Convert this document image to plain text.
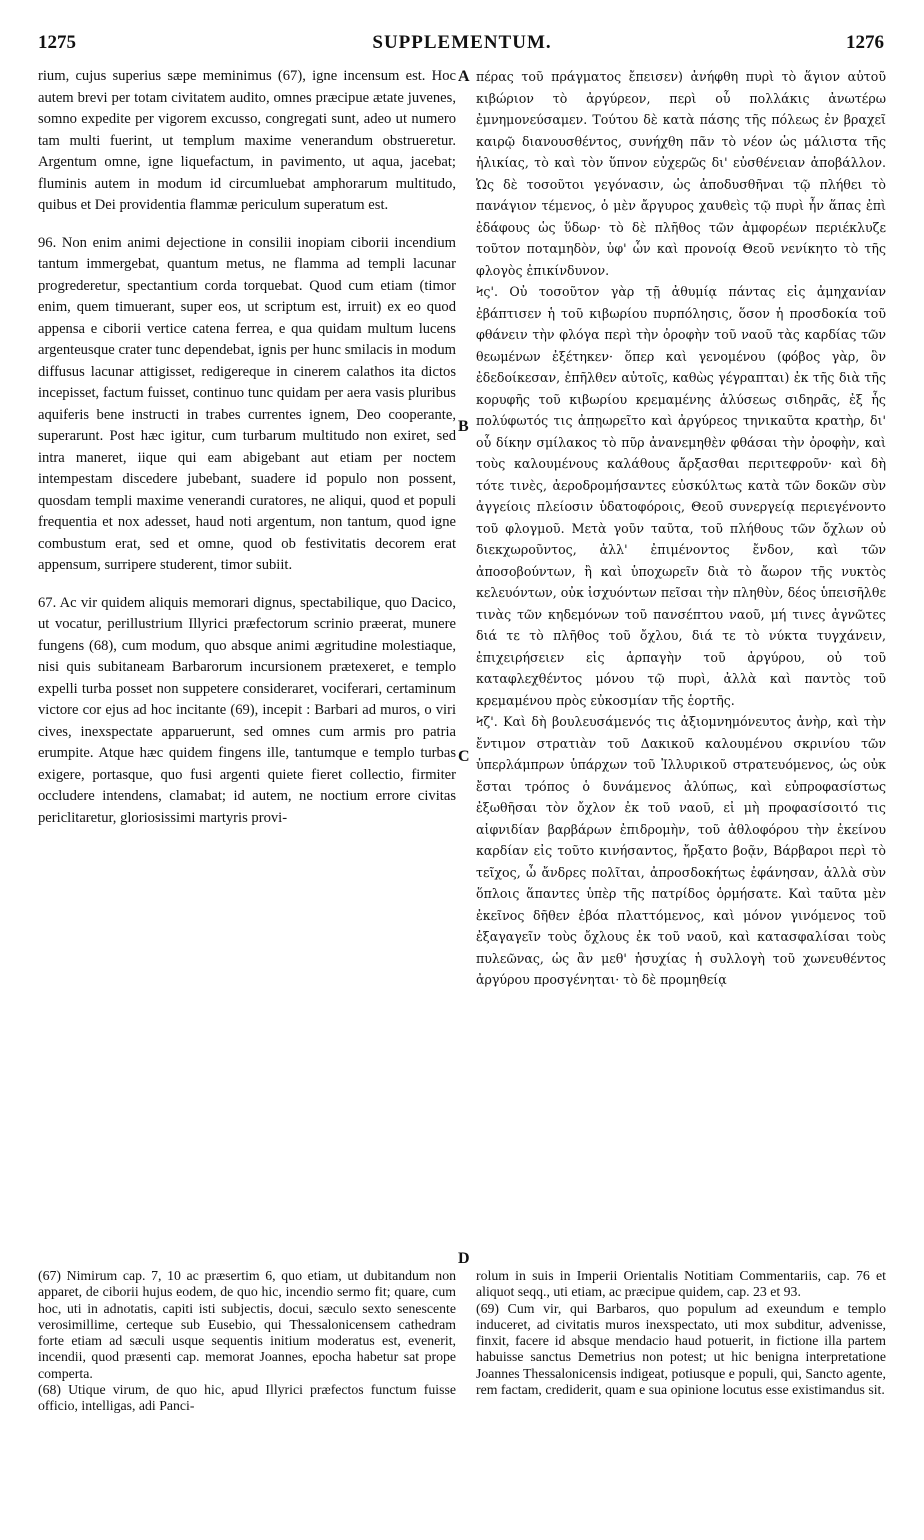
1275	SUPPLEMENTUM.	1276

rium, cujus superius sæpe meminimus (67), igne incensum est. Hoc autem brevi per totam civitatem audito, omnes præcipue ætate juvenes, somno expedite per vigorem excusso, congregati sunt, adeo ut numero tam multi fuerint, ut templum maxime venerandum obstrueretur. Argentum omne, igne liquefactum, in pavimento, ut aqua, jacebat; fluminis autem in modum id circumluebat amphorarum multitudo, quibus et Dei providentia flammæ periculum superatum est.

96. Non enim animi dejectione in consilii inopiam ciborii incendium tantum immergebat, quantum metus, ne flamma ad templi lacunar progrederetur, spectantium corda torquebat. Quod cum etiam (timor enim, quem timuerant, super eos, ut scriptum est, irruit) ex eo quod appensa e ciborii vertice catena ferrea, e qua quidam multum lucens argenteusque crater tunc dependebat, ignis per hunc smilacis in modum diffusus lacunar attigisset, redigereque in cinerem calathos ita dictos incepisset, factum fuisset, continuo tunc quidam per aera vasis pluribus aquiferis bene instructi in trabes currentes ignem, Deo cooperante, superarunt. Post hæc igitur, cum turbarum multitudo non exiret, sed intra maneret, iique qui eam abigebant aut etiam per noctem intempestam discedere jubebant, suadere id populo non possent, quosdam templi maxime venerandi curatores, ne aliqui, quod et populi frequentia et nox adesset, haud noti argentum, non tantum, quod igne combustum erat, sed et omne, quod ob festivitatis decorem erat appensum, surripere studerent, timor subiit.

67. Ac vir quidem aliquis memorari dignus, spectabilique, quo Dacico, ut vocatur, perillustrium Illyrici præfectorum scrinio præerat, munere fungens (68), cum modum, quo absque animi ægritudine molestiaque, nisi quis subitaneam Barbarorum incursionem prætexeret, e templo expelli turba posset non suppetere consideraret, vociferari, certaminum victore cor ejus ad hoc incitante (69), incepit : Barbari ad muros, o viri cives, inexspectate apparuerunt, sed omnes cum armis pro patria erumpite. Atque hæc quidem fingens ille, tantumque e templo turbas exigere, portasque, quo fusi argenti quiete fieret collectio, firmiter occludere intendens, clamabat; id autem, ne noctium errore civitas periclitaretur, gloriosissimi martyris provi-

A
B
C
D

πέρας τοῦ πράγματος ἔπεισεν) ἀνήφθη πυρὶ τὸ ἅγιον αὐτοῦ κιβώριον τὸ ἀργύρεον, περὶ οὗ πολλάκις ἀνωτέρω ἐμνημονεύσαμεν. Τούτου δὲ κατὰ πάσης τῆς πόλεως ἐν βραχεῖ καιρῷ διανουσθέντος, συνήχθη πᾶν τὸ νέον ὡς μάλιστα τῆς ἡλικίας, τὸ καὶ τὸν ὕπνον εὐχερῶς δι' εὐσθένειαν ἀποβάλλον. Ὡς δὲ τοσοῦτοι γεγόνασιν, ὡς ἀποδυσθῆναι τῷ πλήθει τὸ πανάγιον τέμενος, ὁ μὲν ἄργυρος χαυθεὶς τῷ πυρὶ ἦν ἅπας ἐπὶ ἐδάφους ὡς ὕδωρ· τὸ δὲ πλῆθος τῶν ἀμφορέων περιέκλυζε τοῦτον ποταμηδὸν, ὑφ' ὧν καὶ προνοίᾳ Θεοῦ νενίκητο τὸ τῆς φλογὸς ἐπικίνδυνον.

Ϟς'. Οὐ τοσοῦτον γὰρ τῇ ἀθυμίᾳ πάντας εἰς ἀμηχανίαν ἐβάπτισεν ἡ τοῦ κιβωρίου πυρπόλησις, ὅσον ἡ προσδοκία τοῦ φθάνειν τὴν φλόγα περὶ τὴν ὀροφὴν τοῦ ναοῦ τὰς καρδίας τῶν θεωμένων ἐξέτηκεν· ὅπερ καὶ γενομένου (φόβος γὰρ, ὃν ἐδεδοίκεσαν, ἐπῆλθεν αὐτοῖς, καθὼς γέγραπται) ἐκ τῆς διὰ τῆς κορυφῆς τοῦ κιβωρίου κρεμαμένης ἁλύσεως σιδηρᾶς, ἐξ ἧς πολύφωτός τις ἀπῃωρεῖτο καὶ ἀργύρεος τηνικαῦτα κρατὴρ, δι' οὗ δίκην σμίλακος τὸ πῦρ ἀνανεμηθὲν φθάσαι τὴν ὀροφὴν, καὶ τοὺς καλουμένους καλάθους ἄρξασθαι περιτεφροῦν· καὶ δὴ τότε τινὲς, ἀεροδρομήσαντες εὐσκύλτως κατὰ τῶν δοκῶν σὺν ἀγγείοις πλείοσιν ὑδατοφόροις, Θεοῦ συνεργείᾳ περιεγένοντο τοῦ φλογμοῦ. Μετὰ γοῦν ταῦτα, τοῦ πλήθους τῶν ὄχλων οὐ διεκχωροῦντος, ἀλλ' ἐπιμένοντος ἔνδον, καὶ τῶν ἀποσοβούντων, ἢ καὶ ὑποχωρεῖν διὰ τὸ ἄωρον τῆς νυκτὸς κελευόντων, οὐκ ἰσχυόντων πεῖσαι τὴν πληθὺν, δέος ὑπεισῆλθε τινὰς τῶν κηδεμόνων τοῦ πανσέπτου ναοῦ, μή τινες ἀγνῶτες διά τε τὸ πλῆθος τοῦ ὄχλου, διά τε τὸ νύκτα τυγχάνειν, ἐπιχειρήσειεν εἰς ἁρπαγὴν τοῦ ἀργύρου, οὐ τοῦ καταφλεχθέντος μόνου τῷ πυρὶ, ἀλλὰ καὶ παντὸς τοῦ κρεμαμένου πρὸς εὐκοσμίαν τῆς ἑορτῆς.

Ϟζ'. Καὶ δὴ βουλευσάμενός τις ἀξιομνημόνευτος ἀνὴρ, καὶ τὴν ἔντιμον στρατιὰν τοῦ Δακικοῦ καλουμένου σκρινίου τῶν ὑπερλάμπρων ὑπάρχων τοῦ Ἰλλυρικοῦ στρατευόμενος, ὡς οὐκ ἔσται τρόπος ὁ δυνάμενος ἀλύπως, καὶ εὐπροφασίστως ἐξωθῆσαι τὸν ὄχλον ἐκ τοῦ ναοῦ, εἰ μὴ προφασίσοιτό τις αἰφνιδίαν βαρβάρων ἐπιδρομὴν, τοῦ ἀθλοφόρου τὴν ἐκείνου καρδίαν εἰς τοῦτο κινήσαντος, ἤρξατο βοᾷν, Βάρβαροι περὶ τὸ τεῖχος, ὦ ἄνδρες πολῖται, ἀπροσδοκήτως ἐφάνησαν, ἀλλὰ σὺν ὅπλοις ἅπαντες ὑπὲρ τῆς πατρίδος ὁρμήσατε. Καὶ ταῦτα μὲν ἐκεῖνος δῆθεν ἐβόα πλαττόμενος, καὶ μόνον γινόμενος τοῦ ἐξαγαγεῖν τοὺς ὄχλους ἐκ τοῦ ναοῦ, καὶ κατασφαλίσαι τοὺς πυλεῶνας, ὡς ἂν μεθ' ἡσυχίας ἡ συλλογὴ τοῦ χωνευθέντος ἀργύρου προσγένηται· τὸ δὲ προμηθείᾳ

(67) Nimirum cap. 7, 10 ac præsertim 6, quo etiam, ut dubitandum non apparet, de ciborii hujus eodem, de quo hic, incendio sermo fit; quare, cum hoc, uti in adnotatis, capiti isti subjectis, docui, sæculo sexto senescente verosimillime, certeque sub Eusebio, qui Thessalonicensem cathedram forte etiam ad sæculi usque sequentis initium moderatus est, evenerit, incendii, quod præsenti cap. memorat Joannes, epocha habetur sat prope comperta.

(68) Utique virum, de quo hic, apud Illyrici præfectos functum fuisse officio, intelligas, adi Panci-

rolum in suis in Imperii Orientalis Notitiam Commentariis, cap. 76 et aliquot seqq., uti etiam, ac præcipue quidem, cap. 23 et 93.

(69) Cum vir, qui Barbaros, quo populum ad exeundum e templo induceret, ad civitatis muros inexspectato, uti mox subditur, advenisse, finxit, facere id absque mendacio haud potuerit, in fictione illa partem habuisse sanctus Demetrius non potest; ut hic benigna interpretatione Joannes Thessalonicensis indigeat, potiusque e populi, qui, Sancto agente, rem factam, crediderit, quam e sua opinione locutus esse existimandus sit.
